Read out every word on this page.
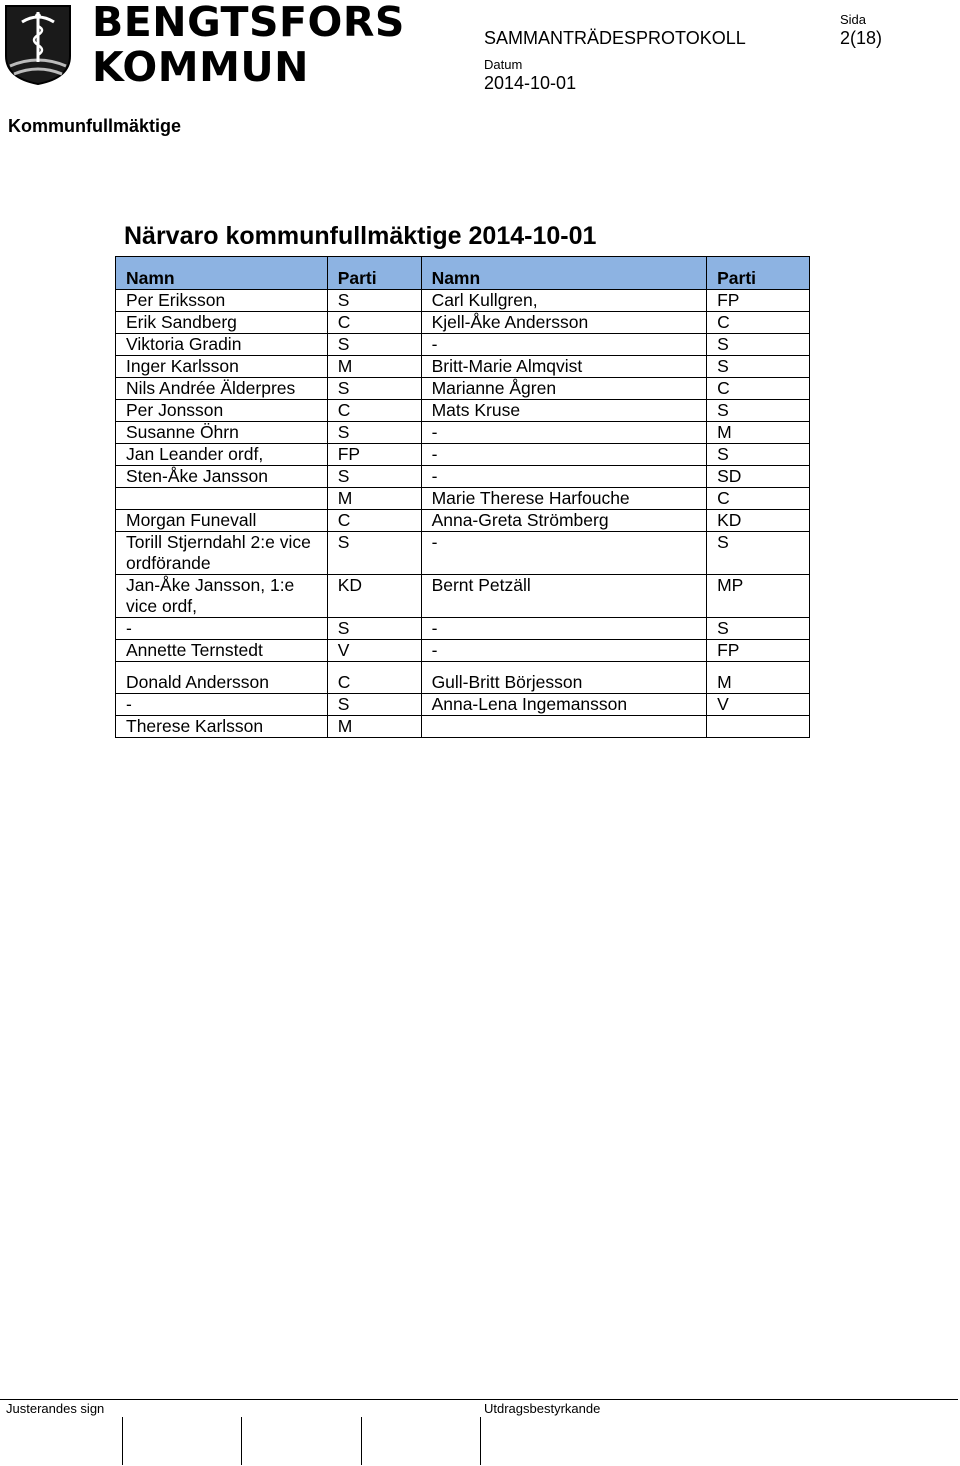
BENGTSFORS
KOMMUN
Sida
SAMMANTRÄDESPROTOKOLL	2(18)
Datum
2014-10-01
Kommunfullmäktige
Närvaro kommunfullmäktige 2014-10-01
Namn	Parti	Namn	Parti
Per Eriksson	S	Carl Kullgren,	FP
Erik Sandberg	C	Kjell-Åke Andersson	C
Viktoria Gradin	S	-	S
Inger Karlsson	M	Britt-Marie Almqvist	S
Nils Andrée Älderpres	S	Marianne Ågren	C
Per Jonsson	C	Mats Kruse	S
Susanne Öhrn	S	-	M
Jan Leander ordf,	FP	-	S
Sten-Åke Jansson	S	-	SD
	M	Marie Therese Harfouche	C
Morgan Funevall	C	Anna-Greta Strömberg	KD
Torill Stjerndahl 2:e vice ordförande	S	-	S
Jan-Åke Jansson, 1:e vice ordf,	KD	Bernt Petzäll	MP
-	S	-	S
Annette Ternstedt	V	-	FP
Donald Andersson	C	Gull-Britt Börjesson	M
-	S	Anna-Lena Ingemansson	V
Therese Karlsson	M		
Justerandes sign	Utdragsbestyrkande
